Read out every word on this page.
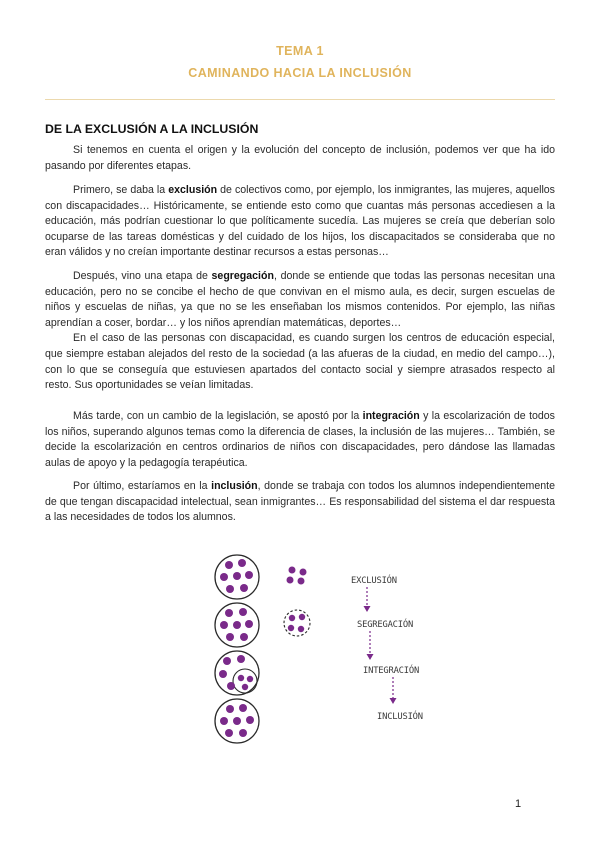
TEMA 1
CAMINANDO HACIA LA INCLUSIÓN
DE LA EXCLUSIÓN A LA INCLUSIÓN
Si tenemos en cuenta el origen y la evolución del concepto de inclusión, podemos ver que ha ido pasando por diferentes etapas.
Primero, se daba la exclusión de colectivos como, por ejemplo, los inmigrantes, las mujeres, aquellos con discapacidades… Históricamente, se entiende esto como que cuantas más personas accediesen a la educación, más podrían cuestionar lo que políticamente sucedía. Las mujeres se creía que deberían solo ocuparse de las tareas domésticas y del cuidado de los hijos, los discapacitados se consideraba que no eran válidos y no creían importante destinar recursos a estas personas…
Después, vino una etapa de segregación, donde se entiende que todas las personas necesitan una educación, pero no se concibe el hecho de que convivan en el mismo aula, es decir, surgen escuelas de niños y escuelas de niñas, ya que no se les enseñaban los mismos contenidos. Por ejemplo, las niñas aprendían a coser, bordar… y los niños aprendían matemáticas, deportes…
En el caso de las personas con discapacidad, es cuando surgen los centros de educación especial, que siempre estaban alejados del resto de la sociedad (a las afueras de la ciudad, en medio del campo…), con lo que se conseguía que estuviesen apartados del contacto social y siempre atrasados respecto al resto. Sus oportunidades se veían limitadas.
Más tarde, con un cambio de la legislación, se apostó por la integración y la escolarización de todos los niños, superando algunos temas como la diferencia de clases, la inclusión de las mujeres… También, se decide la escolarización en centros ordinarios de niños con discapacidades, pero dándose las llamadas aulas de apoyo y la pedagogía terapéutica.
Por último, estaríamos en la inclusión, donde se trabaja con todos los alumnos independientemente de que tengan discapacidad intelectual, sean inmigrantes… Es responsabilidad del sistema el dar respuesta a las necesidades de todos los alumnos.
EXCLUSIÓN
SEGREGACIÓN
INTEGRACIÓN
INCLUSIÓN
1
